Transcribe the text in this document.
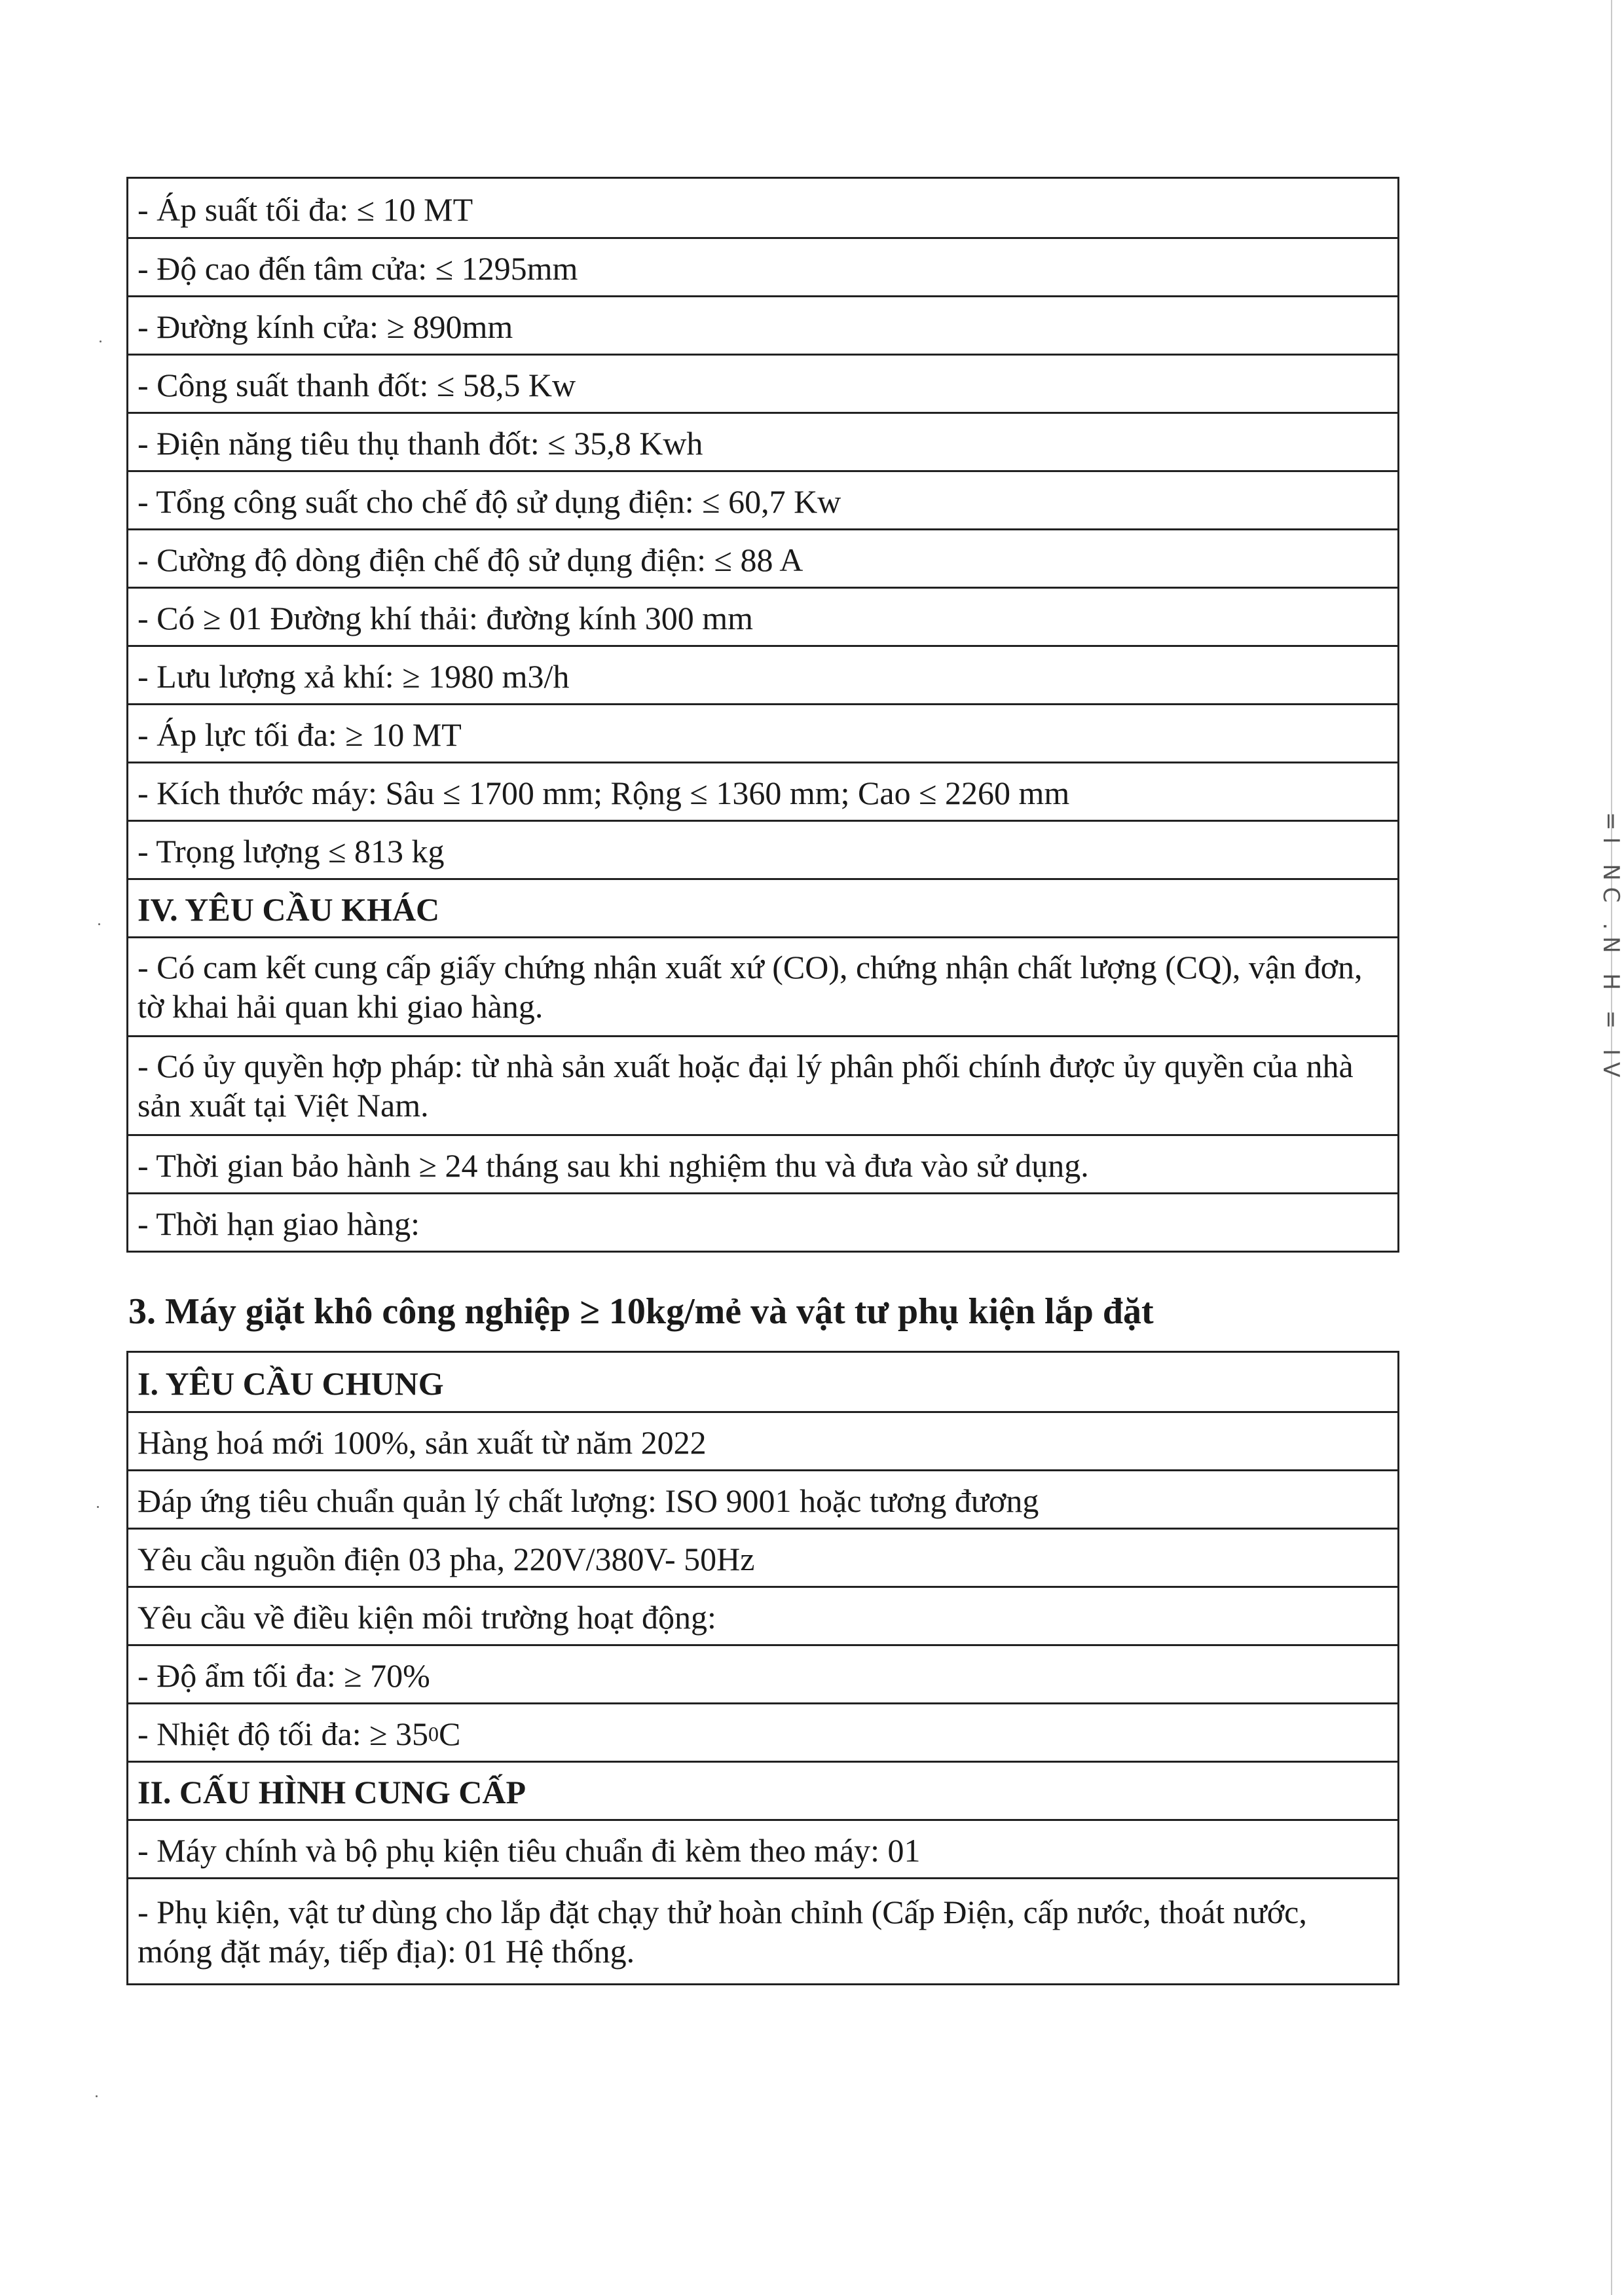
- Áp suất tối đa: ≤ 10 MT
- Độ cao đến tâm cửa: ≤ 1295mm
- Đường kính cửa: ≥ 890mm
- Công suất thanh đốt: ≤ 58,5 Kw
- Điện năng tiêu thụ thanh đốt: ≤ 35,8 Kwh
- Tổng công suất cho chế độ sử dụng điện: ≤ 60,7 Kw
- Cường độ dòng điện chế độ sử dụng điện: ≤ 88 A
- Có ≥ 01 Đường khí thải: đường kính 300 mm
- Lưu lượng xả khí: ≥ 1980 m3/h
- Áp lực tối đa: ≥ 10 MT
- Kích thước máy: Sâu ≤ 1700 mm; Rộng ≤ 1360 mm; Cao ≤ 2260 mm
- Trọng lượng ≤ 813 kg
IV. YÊU CẦU KHÁC
- Có cam kết cung cấp giấy chứng nhận xuất xứ (CO), chứng nhận chất lượng (CQ), vận đơn, tờ khai hải quan khi giao hàng.
- Có ủy quyền hợp pháp: từ nhà sản xuất hoặc đại lý phân phối chính được ủy quyền của nhà sản xuất tại Việt Nam.
- Thời gian bảo hành ≥ 24 tháng sau khi nghiệm thu và đưa vào sử dụng.
- Thời hạn giao hàng:
3. Máy giặt khô công nghiệp ≥ 10kg/mẻ và vật tư phụ kiện lắp đặt
I. YÊU CẦU CHUNG
Hàng hoá mới 100%, sản xuất từ năm 2022
Đáp ứng tiêu chuẩn quản lý chất lượng: ISO 9001 hoặc tương đương
Yêu cầu nguồn điện 03 pha, 220V/380V- 50Hz
Yêu cầu về điều kiện môi trường hoạt động:
- Độ ẩm tối đa: ≥ 70%
- Nhiệt độ tối đa: ≥ 35 0 C
II. CẤU HÌNH CUNG CẤP
- Máy chính và bộ phụ kiện tiêu chuẩn đi kèm theo máy: 01
- Phụ kiện, vật tư dùng cho lắp đặt chạy thử hoàn chỉnh (Cấp Điện, cấp nước, thoát nước, móng đặt máy, tiếp địa): 01 Hệ thống.
=I NC .N H = IV
